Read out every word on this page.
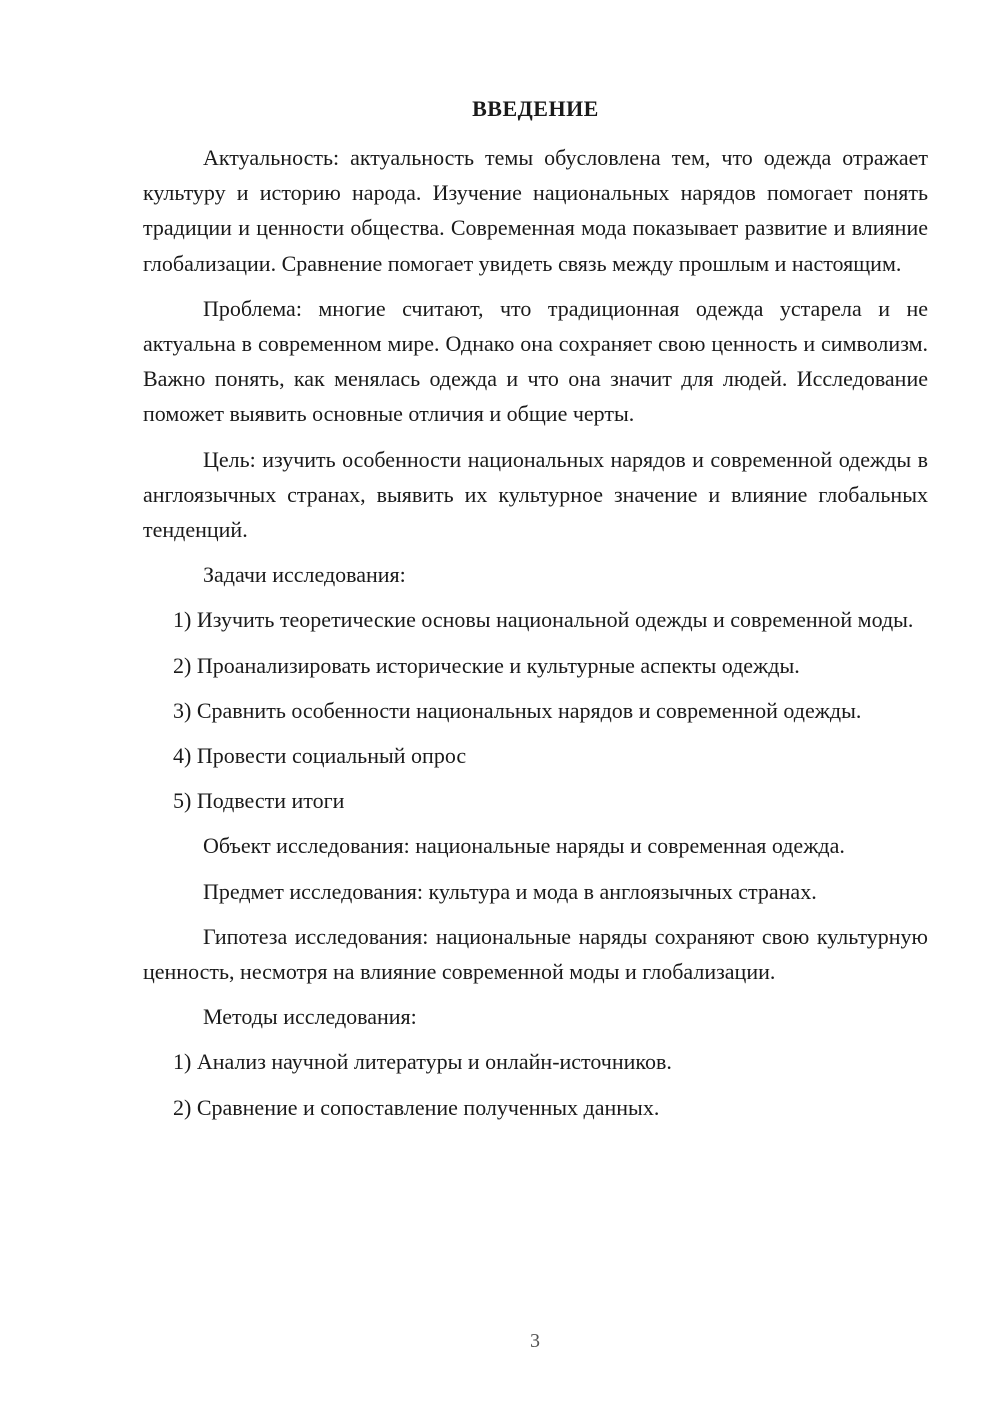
ВВЕДЕНИЕ

Актуальность: актуальность темы обусловлена тем, что одежда отражает культуру и историю народа. Изучение национальных нарядов помогает понять традиции и ценности общества. Современная мода показывает развитие и влияние глобализации. Сравнение помогает увидеть связь между прошлым и настоящим.

Проблема: многие считают, что традиционная одежда устарела и не актуальна в современном мире. Однако она сохраняет свою ценность и символизм. Важно понять, как менялась одежда и что она значит для людей. Исследование поможет выявить основные отличия и общие черты.

Цель: изучить особенности национальных нарядов и современной одежды в англоязычных странах, выявить их культурное значение и влияние глобальных тенденций.

Задачи исследования:

1) Изучить теоретические основы национальной одежды и современной моды.

2) Проанализировать исторические и культурные аспекты одежды.

3) Сравнить особенности национальных нарядов и современной одежды.

4) Провести социальный опрос

5) Подвести итоги

Объект исследования: национальные наряды и современная одежда.

Предмет исследования: культура и мода в англоязычных странах.

Гипотеза исследования: национальные наряды сохраняют свою культурную ценность, несмотря на влияние современной моды и глобализации.

Методы исследования:

1) Анализ научной литературы и онлайн-источников.

2) Сравнение и сопоставление полученных данных.

3
